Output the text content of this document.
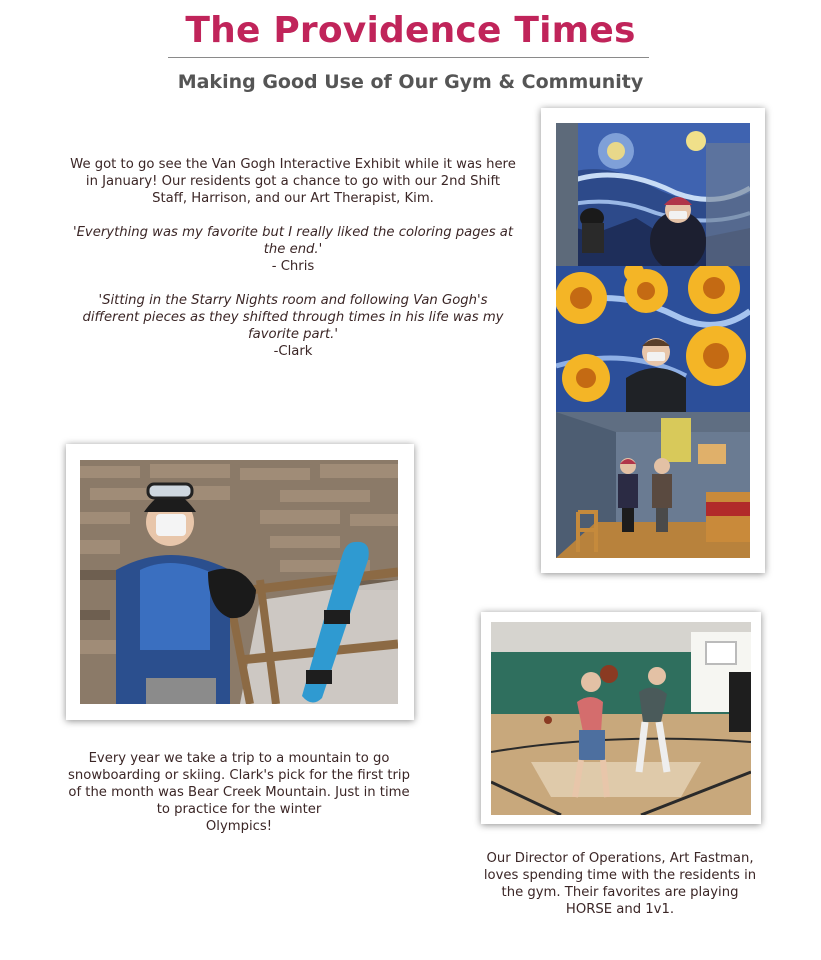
The Providence Times
Making Good Use of Our Gym & Community

We got to go see the Van Gogh Interactive Exhibit while it was here

in January! Our residents got a chance to go with our 2nd Shift

Staff, Harrison, and our Art Therapist, Kim.

'Everything was my favorite but I really liked the coloring pages at

the end.'

- Chris

'Sitting in the Starry Nights room and following Van Gogh's

different pieces as they shifted through times in his life was my

favorite part.'

-Clark

Every year we take a trip to a mountain to go

snowboarding or skiing. Clark's pick for the first trip

of the month was Bear Creek Mountain. Just in time

to practice for the winter

Olympics!

Our Director of Operations, Art Fastman,

loves spending time with the residents in

the gym. Their favorites are playing

HORSE and 1v1.
